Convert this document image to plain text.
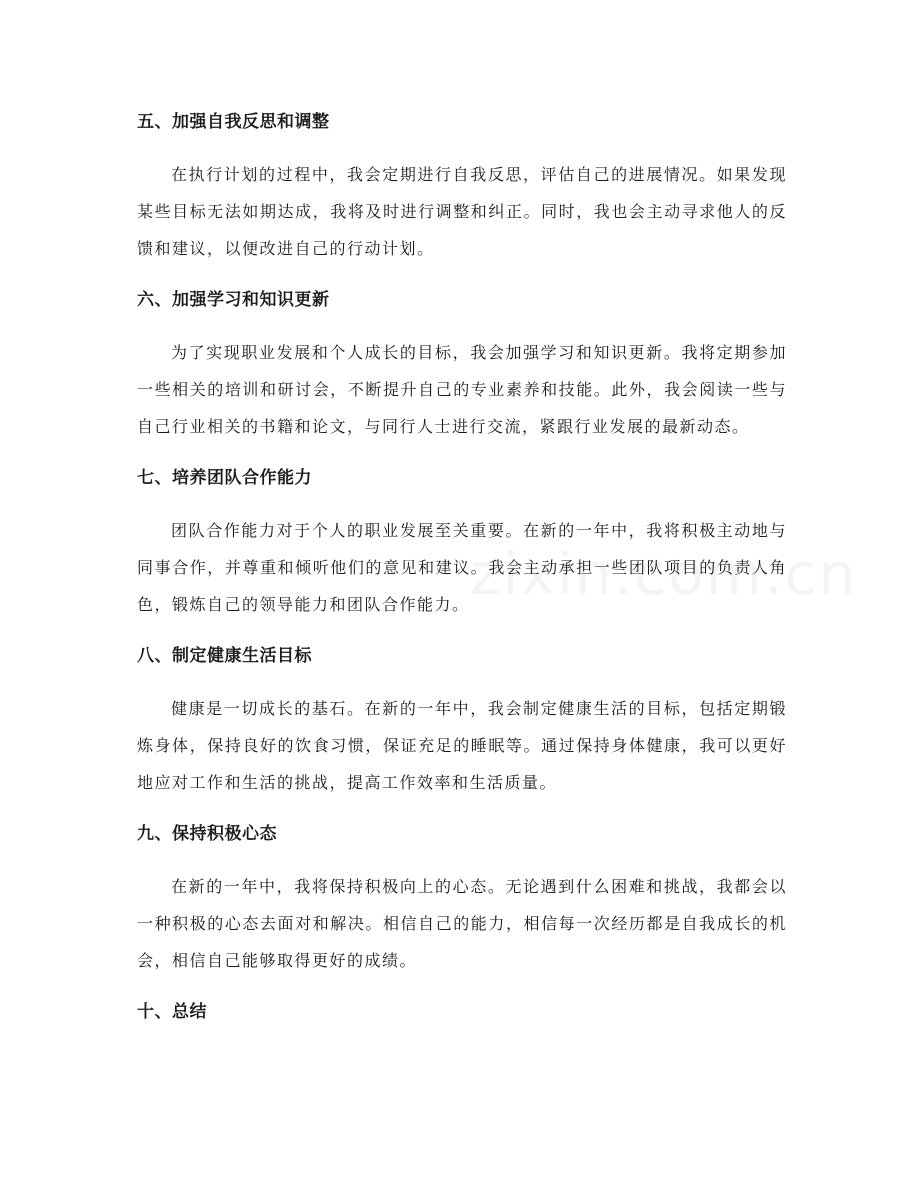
五、加强自我反思和调整

在执行计划的过程中，我会定期进行自我反思，评估自己的进展情况。如果发现某些目标无法如期达成，我将及时进行调整和纠正。同时，我也会主动寻求他人的反馈和建议，以便改进自己的行动计划。

六、加强学习和知识更新

为了实现职业发展和个人成长的目标，我会加强学习和知识更新。我将定期参加一些相关的培训和研讨会，不断提升自己的专业素养和技能。此外，我会阅读一些与自己行业相关的书籍和论文，与同行人士进行交流，紧跟行业发展的最新动态。

七、培养团队合作能力

团队合作能力对于个人的职业发展至关重要。在新的一年中，我将积极主动地与同事合作，并尊重和倾听他们的意见和建议。我会主动承担一些团队项目的负责人角色，锻炼自己的领导能力和团队合作能力。

八、制定健康生活目标

健康是一切成长的基石。在新的一年中，我会制定健康生活的目标，包括定期锻炼身体，保持良好的饮食习惯，保证充足的睡眠等。通过保持身体健康，我可以更好地应对工作和生活的挑战，提高工作效率和生活质量。

九、保持积极心态

在新的一年中，我将保持积极向上的心态。无论遇到什么困难和挑战，我都会以一种积极的心态去面对和解决。相信自己的能力，相信每一次经历都是自我成长的机会，相信自己能够取得更好的成绩。

十、总结
